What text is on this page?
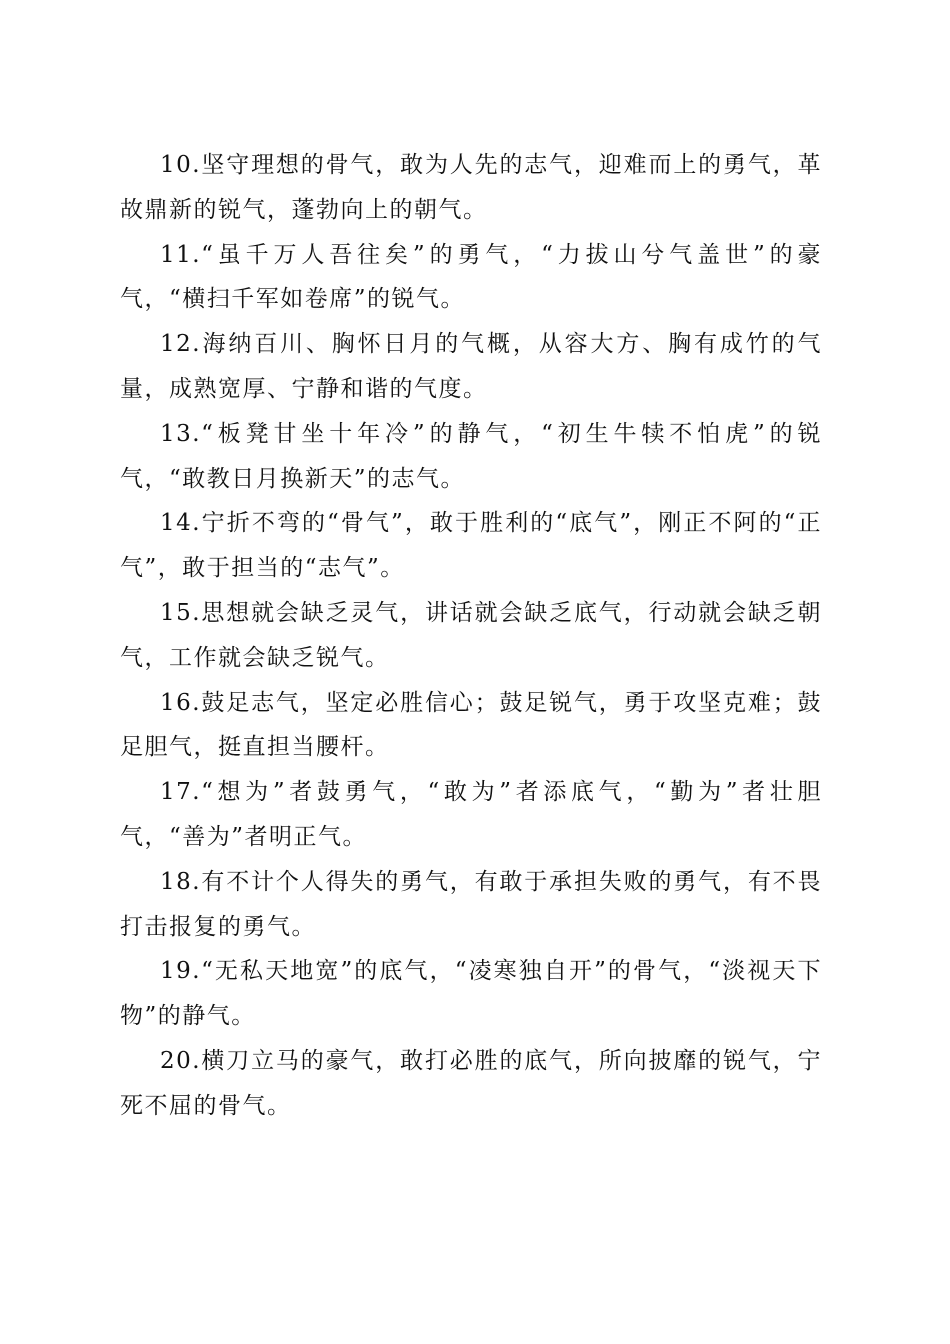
10.坚守理想的骨气，敢为人先的志气，迎难而上的勇气，革故鼎新的锐气，蓬勃向上的朝气。

11.“虽千万人吾往矣”的勇气，“力拔山兮气盖世”的豪气，“横扫千军如卷席”的锐气。

12.海纳百川、胸怀日月的气概，从容大方、胸有成竹的气量，成熟宽厚、宁静和谐的气度。

13.“板凳甘坐十年冷”的静气，“初生牛犊不怕虎”的锐气，“敢教日月换新天”的志气。

14.宁折不弯的“骨气”，敢于胜利的“底气”，刚正不阿的“正气”，敢于担当的“志气”。

15.思想就会缺乏灵气，讲话就会缺乏底气，行动就会缺乏朝气，工作就会缺乏锐气。

16.鼓足志气，坚定必胜信心；鼓足锐气，勇于攻坚克难；鼓足胆气，挺直担当腰杆。

17.“想为”者鼓勇气，“敢为”者添底气，“勤为”者壮胆气，“善为”者明正气。

18.有不计个人得失的勇气，有敢于承担失败的勇气，有不畏打击报复的勇气。

19.“无私天地宽”的底气，“凌寒独自开”的骨气，“淡视天下物”的静气。

20.横刀立马的豪气，敢打必胜的底气，所向披靡的锐气，宁死不屈的骨气。
